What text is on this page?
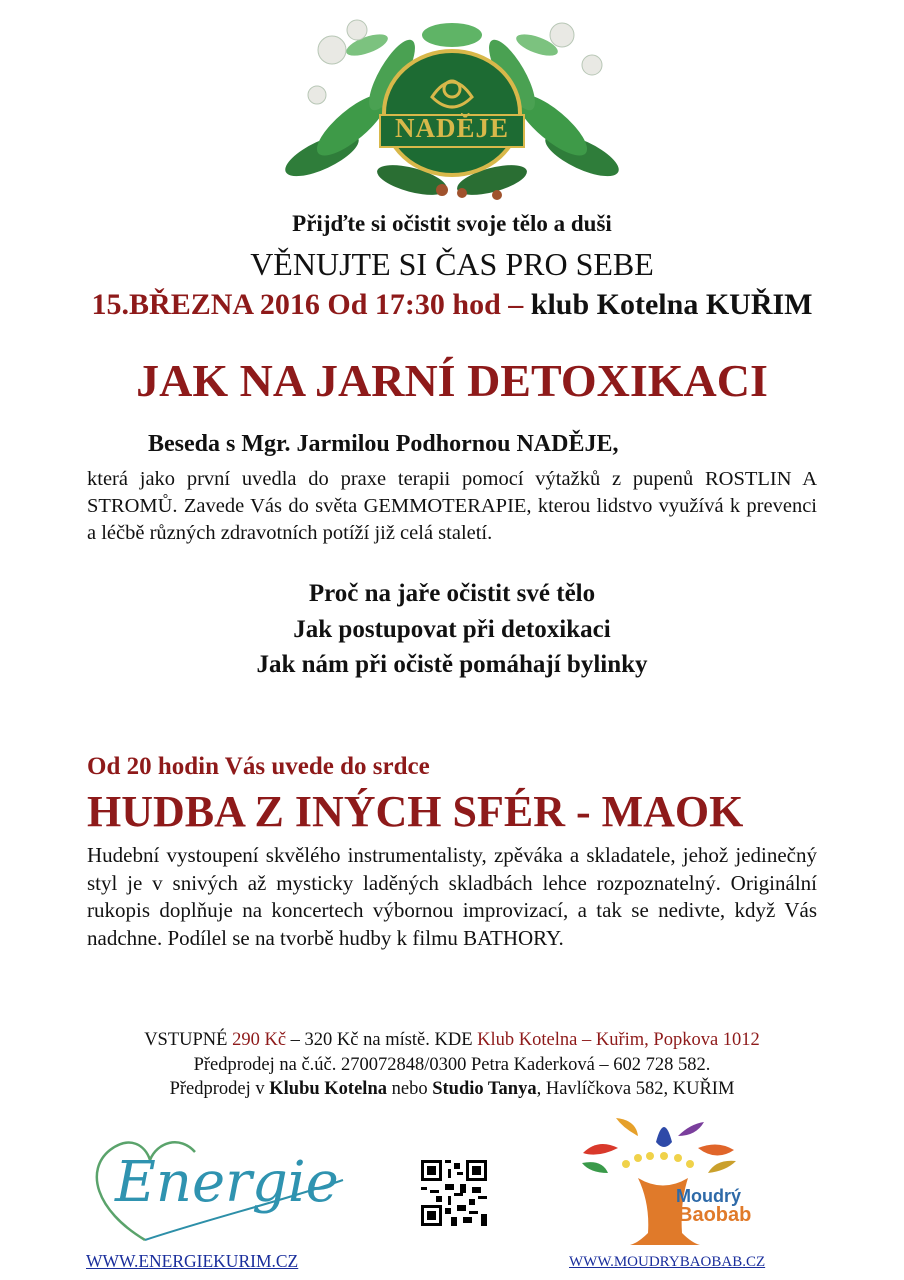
NADĚJE
Přijďte si očistit svoje tělo a duši
VĚNUJTE SI ČAS PRO SEBE
15.BŘEZNA 2016 Od 17:30 hod – klub Kotelna KUŘIM
JAK NA JARNÍ DETOXIKACI
Beseda s Mgr. Jarmilou Podhornou NADĚJE,
která jako první uvedla do praxe terapii pomocí výtažků z pupenů ROSTLIN A STROMŮ. Zavede Vás do světa GEMMOTERAPIE, kterou lidstvo využívá k prevenci a léčbě různých zdravotních potíží již celá staletí.
Proč na jaře očistit své tělo
Jak postupovat při detoxikaci
Jak nám při očistě pomáhají bylinky
Od 20 hodin Vás uvede do srdce
HUDBA Z INÝCH SFÉR - MAOK
Hudební vystoupení skvělého instrumentalisty, zpěváka a skladatele, jehož jedinečný styl je v snivých až mysticky laděných skladbách lehce rozpoznatelný. Originální rukopis doplňuje na koncertech výbornou improvizací, a tak se nedivte, když Vás nadchne. Podílel se na tvorbě hudby k filmu BATHORY.
VSTUPNÉ 290 Kč – 320 Kč na místě. KDE Klub Kotelna – Kuřim, Popkova 1012
Předprodej na č.úč. 270072848/0300 Petra Kaderková – 602 728 582.
Předprodej v Klubu Kotelna nebo Studio Tanya, Havlíčkova 582, KUŘIM
Energie
WWW.ENERGIEKURIM.CZ
Moudrý
Baobab
WWW.MOUDRYBAOBAB.CZ
